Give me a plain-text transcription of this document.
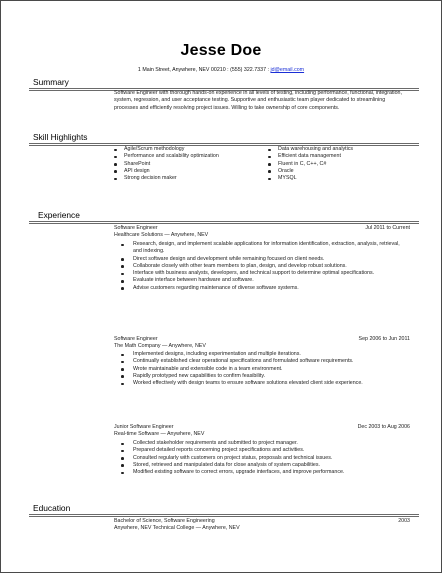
Jesse Doe
1 Main Street, Anywhere, NEV 00210 : (555) 322.7337 : jd@email.com
Summary
Software Engineer with thorough hands-on experience in all levels of testing, including performance, functional, integration, system, regression, and user acceptance testing. Supportive and enthusiastic team player dedicated to streamlining processes and efficiently resolving project issues. Willing to take ownership of core components.
Skill Highlights
Agile/Scrum methodology
Performance and scalability optimization
SharePoint
API design
Strong decision maker
Data warehousing and analytics
Efficient data management
Fluent in C, C++, C#
Oracle
MYSQL
Experience
Software Engineer	Jul 2011 to Current
Healthcare Solutions — Anywhere, NEV
Research, design, and implement scalable applications for information identification, extraction, analysis, retrieval, and indexing.
Direct software design and development while remaining focused on client needs.
Collaborate closely with other team members to plan, design, and develop robust solutions.
Interface with business analysts, developers, and technical support to determine optimal specifications.
Evaluate interface between hardware and software.
Advise customers regarding maintenance of diverse software systems.
Software Engineer	Sep 2006 to Jun 2011
The Math Company — Anywhere, NEV
Implemented designs, including experimentation and multiple iterations.
Continually established clear operational specifications and formulated software requirements.
Wrote maintainable and extensible code in a team environment.
Rapidly prototyped new capabilities to confirm feasibility.
Worked effectively with design teams to ensure software solutions elevated client side experience.
Junior Software Engineer	Dec 2003 to Aug 2006
Real-time Software — Anywhere, NEV
Collected stakeholder requirements and submitted to project manager.
Prepared detailed reports concerning project specifications and activities.
Consulted regularly with customers on project status, proposals and technical issues.
Stored, retrieved and manipulated data for close analysis of system capabilities.
Modified existing software to correct errors, upgrade interfaces, and improve performance.
Education
Bachelor of Science, Software Engineering	2003
Anywhere, NEV Technical College — Anywhere, NEV
